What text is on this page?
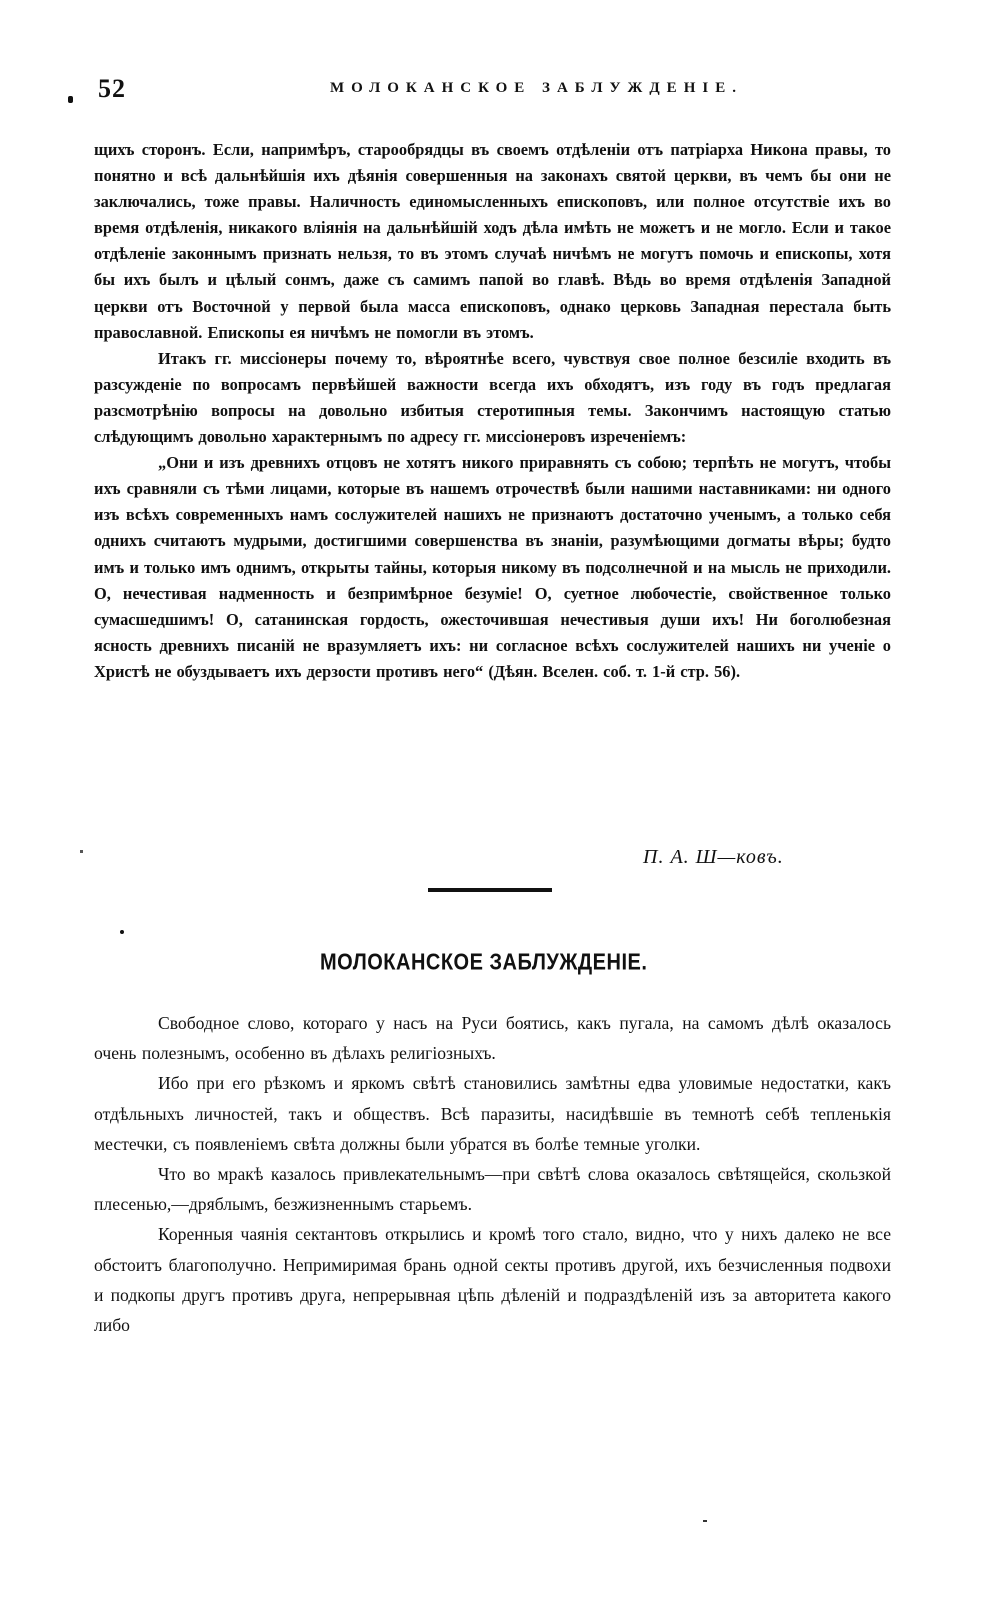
52	МОЛОКАНСКОЕ ЗАБЛУЖДЕНІЕ.

щихъ сторонъ. Если, напримѣръ, старообрядцы въ своемъ отдѣленіи отъ патріарха Никона правы, то понятно и всѣ дальнѣйшія ихъ дѣянія совершенныя на законахъ святой церкви, въ чемъ бы они не заключались, тоже правы. Наличность единомысленныхъ епископовъ, или полное отсутствіе ихъ во время отдѣленія, никакого вліянія на дальнѣйшій ходъ дѣла имѣть не можетъ и не могло. Если и такое отдѣленіе законнымъ признать нельзя, то въ этомъ случаѣ ничѣмъ не могутъ помочь и епископы, хотя бы ихъ былъ и цѣлый сонмъ, даже съ самимъ папой во главѣ. Вѣдь во время отдѣленія Западной церкви отъ Восточной у первой была масса епископовъ, однако церковь Западная перестала быть православной. Епископы ея ничѣмъ не помогли въ этомъ.

Итакъ гг. миссіонеры почему то, вѣроятнѣе всего, чувствуя свое полное безсиліе входить въ разсужденіе по вопросамъ первѣйшей важности всегда ихъ обходятъ, изъ году въ годъ предлагая разсмотрѣнію вопросы на довольно избитыя стеротипныя темы. Закончимъ настоящую статью слѣдующимъ довольно характернымъ по адресу гг. миссіонеровъ изреченіемъ:

„Они и изъ древнихъ отцовъ не хотятъ никого приравнять съ собою; терпѣть не могутъ, чтобы ихъ сравняли съ тѣми лицами, которые въ нашемъ отрочествѣ были нашими наставниками: ни одного изъ всѣхъ современныхъ намъ сослужителей нашихъ не признаютъ достаточно ученымъ, а только себя однихъ считаютъ мудрыми, достигшими совершенства въ знаніи, разумѣющими догматы вѣры; будто имъ и только имъ однимъ, открыты тайны, которыя никому въ подсолнечной и на мысль не приходили. О, нечестивая надменность и безпримѣрное безуміе! О, суетное любочестіе, свойственное только сумасшедшимъ! О, сатанинская гордость, ожесточившая нечестивыя души ихъ! Ни боголюбезная ясность древнихъ писаній не вразумляетъ ихъ: ни согласное всѣхъ сослужителей нашихъ ни ученіе о Христѣ не обуздываетъ ихъ дерзости противъ него“ (Дѣян. Вселен. соб. т. 1-й стр. 56).

П. А. Ш—ковъ.
МОЛОКАНСКОЕ ЗАБЛУЖДЕНІЕ.

Свободное слово, котораго у насъ на Руси боятись, какъ пугала, на самомъ дѣлѣ оказалось очень полезнымъ, особенно въ дѣлахъ религіозныхъ.

Ибо при его рѣзкомъ и яркомъ свѣтѣ становились замѣтны едва уловимые недостатки, какъ отдѣльныхъ личностей, такъ и обществъ. Всѣ паразиты, насидѣвшіе въ темнотѣ себѣ тепленькія местечки, съ появленіемъ свѣта должны были убратся въ болѣе темные уголки.

Что во мракѣ казалось привлекательнымъ—при свѣтѣ слова оказалось свѣтящейся, скользкой плесенью,—дряблымъ, безжизненнымъ старьемъ.

Коренныя чаянія сектантовъ открылись и кромѣ того стало, видно, что у нихъ далеко не все обстоитъ благополучно. Непримиримая брань одной секты противъ другой, ихъ безчисленныя подвохи и подкопы другъ противъ друга, непрерывная цѣпь дѣленій и подраздѣленій изъ за авторитета какого либо
